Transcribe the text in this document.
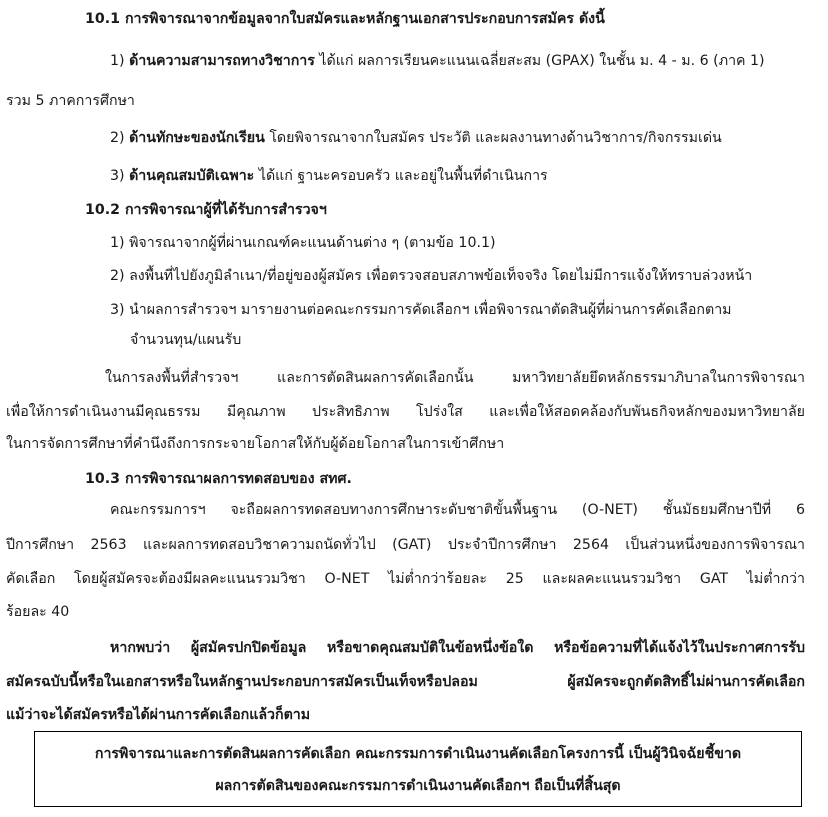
10.1 การพิจารณาจากข้อมูลจากใบสมัครและหลักฐานเอกสารประกอบการสมัคร ดังนี้
1) ด้านความสามารถทางวิชาการ ได้แก่ ผลการเรียนคะแนนเฉลี่ยสะสม (GPAX) ในชั้น ม. 4 - ม. 6 (ภาค 1)
รวม 5 ภาคการศึกษา
2) ด้านทักษะของนักเรียน โดยพิจารณาจากใบสมัคร ประวัติ และผลงานทางด้านวิชาการ/กิจกรรมเด่น
3) ด้านคุณสมบัติเฉพาะ ได้แก่ ฐานะครอบครัว และอยู่ในพื้นที่ดำเนินการ
10.2 การพิจารณาผู้ที่ได้รับการสำรวจฯ
1) พิจารณาจากผู้ที่ผ่านเกณฑ์คะแนนด้านต่าง ๆ (ตามข้อ 10.1)
2) ลงพื้นที่ไปยังภูมิลำเนา/ที่อยู่ของผู้สมัคร เพื่อตรวจสอบสภาพข้อเท็จจริง โดยไม่มีการแจ้งให้ทราบล่วงหน้า
3) นำผลการสำรวจฯ มารายงานต่อคณะกรรมการคัดเลือกฯ เพื่อพิจารณาตัดสินผู้ที่ผ่านการคัดเลือกตาม
จำนวนทุน/แผนรับ
ในการลงพื้นที่สำรวจฯ และการตัดสินผลการคัดเลือกนั้น มหาวิทยาลัยยึดหลักธรรมาภิบาลในการพิจารณา
เพื่อให้การดำเนินงานมีคุณธรรม มีคุณภาพ ประสิทธิภาพ โปร่งใส และเพื่อให้สอดคล้องกับพันธกิจหลักของมหาวิทยาลัย
ในการจัดการศึกษาที่คำนึงถึงการกระจายโอกาสให้กับผู้ด้อยโอกาสในการเข้าศึกษา
10.3 การพิจารณาผลการทดสอบของ สทศ.
คณะกรรมการฯ จะถือผลการทดสอบทางการศึกษาระดับชาติขั้นพื้นฐาน (O-NET) ชั้นมัธยมศึกษาปีที่ 6
ปีการศึกษา 2563 และผลการทดสอบวิชาความถนัดทั่วไป (GAT) ประจำปีการศึกษา 2564 เป็นส่วนหนึ่งของการพิจารณา
คัดเลือก โดยผู้สมัครจะต้องมีผลคะแนนรวมวิชา O-NET ไม่ต่ำกว่าร้อยละ 25 และผลคะแนนรวมวิชา GAT ไม่ต่ำกว่า
ร้อยละ 40
หากพบว่า ผู้สมัครปกปิดข้อมูล หรือขาดคุณสมบัติในข้อหนึ่งข้อใด หรือข้อความที่ได้แจ้งไว้ในประกาศการรับ
สมัครฉบับนี้หรือในเอกสารหรือในหลักฐานประกอบการสมัครเป็นเท็จหรือปลอม ผู้สมัครจะถูกตัดสิทธิ์ไม่ผ่านการคัดเลือก
แม้ว่าจะได้สมัครหรือได้ผ่านการคัดเลือกแล้วก็ตาม
การพิจารณาและการตัดสินผลการคัดเลือก คณะกรรมการดำเนินงานคัดเลือกโครงการนี้ เป็นผู้วินิจฉัยชี้ขาด
ผลการตัดสินของคณะกรรมการดำเนินงานคัดเลือกฯ ถือเป็นที่สิ้นสุด
